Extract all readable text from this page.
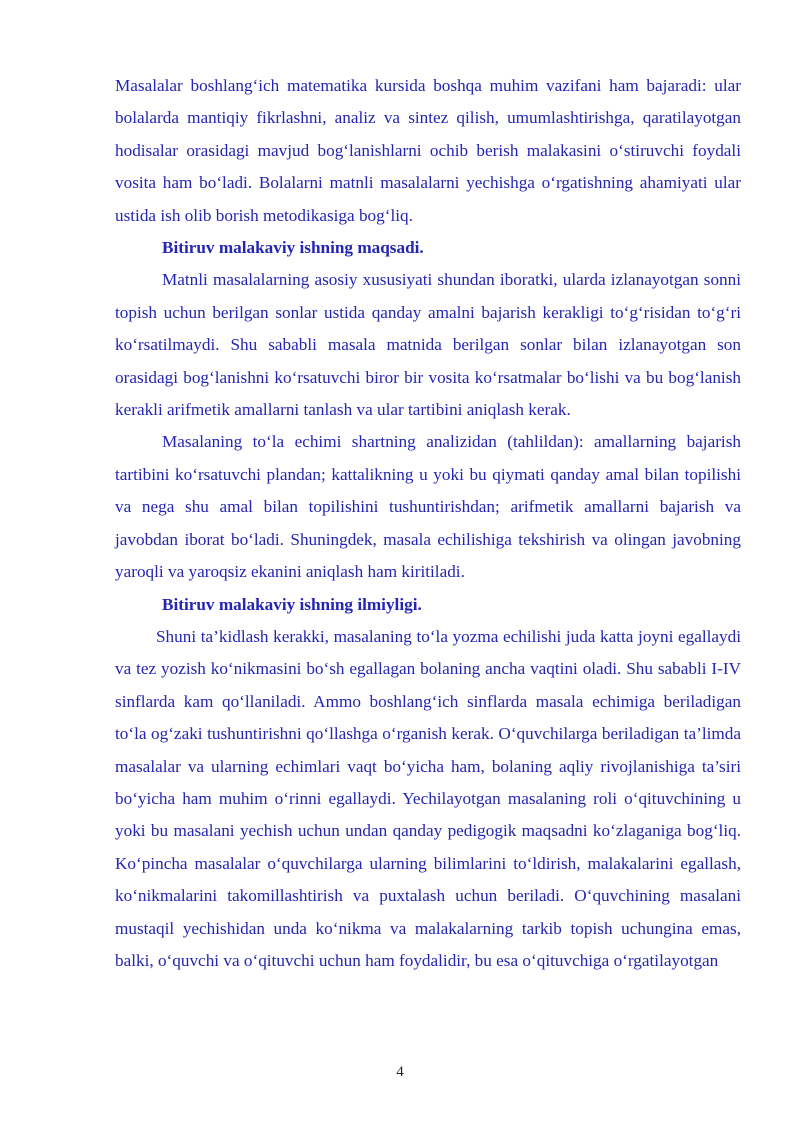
Masalalar boshlang‘ich matematika kursida boshqa muhim vazifani ham bajaradi: ular bolalarda mantiqiy fikrlashni, analiz va sintez qilish, umumlashtirishga, qaratilayotgan hodisalar orasidagi mavjud bog‘lanishlarni ochib berish malakasini o‘stiruvchi foydali vosita ham bo‘ladi. Bolalarni matnli masalalarni yechishga o‘rgatishning ahamiyati ular ustida ish olib borish metodikasiga bog‘liq.

Bitiruv malakaviy ishning maqsadi.

Matnli masalalarning asosiy xususiyati shundan iboratki, ularda izlanayotgan sonni topish uchun berilgan sonlar ustida qanday amalni bajarish kerakligi to‘g‘risidan to‘g‘ri ko‘rsatilmaydi. Shu sababli masala matnida berilgan sonlar bilan izlanayotgan son orasidagi bog‘lanishni ko‘rsatuvchi biror bir vosita ko‘rsatmalar bo‘lishi va bu bog‘lanish kerakli arifmetik amallarni tanlash va ular tartibini aniqlash kerak.

Masalaning to‘la echimi shartning analizidan (tahlildan): amallarning bajarish tartibini ko‘rsatuvchi plandan; kattalikning u yoki bu qiymati qanday amal bilan topilishi va nega shu amal bilan topilishini tushuntirishdan; arifmetik amallarni bajarish va javobdan iborat bo‘ladi. Shuningdek, masala echilishiga tekshirish va olingan javobning yaroqli va yaroqsiz ekanini aniqlash ham kiritiladi.

Bitiruv malakaviy ishning ilmiyligi.

Shuni ta’kidlash kerakki, masalaning to‘la yozma echilishi juda katta joyni egallaydi va tez yozish ko‘nikmasini bo‘sh egallagan bolaning ancha vaqtini oladi. Shu sababli I-IV sinflarda kam qo‘llaniladi. Ammo boshlang‘ich sinflarda masala echimiga beriladigan to‘la og‘zaki tushuntirishni qo‘llashga o‘rganish kerak. O‘quvchilarga beriladigan ta’limda masalalar va ularning echimlari vaqt bo‘yicha ham, bolaning aqliy rivojlanishiga ta’siri bo‘yicha ham muhim o‘rinni egallaydi. Yechilayotgan masalaning roli o‘qituvchining u yoki bu masalani yechish uchun undan qanday pedigogik maqsadni ko‘zlaganiga bog‘liq. Ko‘pincha masalalar o‘quvchilarga ularning bilimlarini to‘ldirish, malakalarini egallash, ko‘nikmalarini takomillashtirish va puxtalash uchun beriladi. O‘quvchining masalani mustaqil yechishidan unda ko‘nikma va malakalarning tarkib topish uchungina emas, balki, o‘quvchi va o‘qituvchi uchun ham foydalidir, bu esa o‘qituvchiga o‘rgatilayotgan

4
